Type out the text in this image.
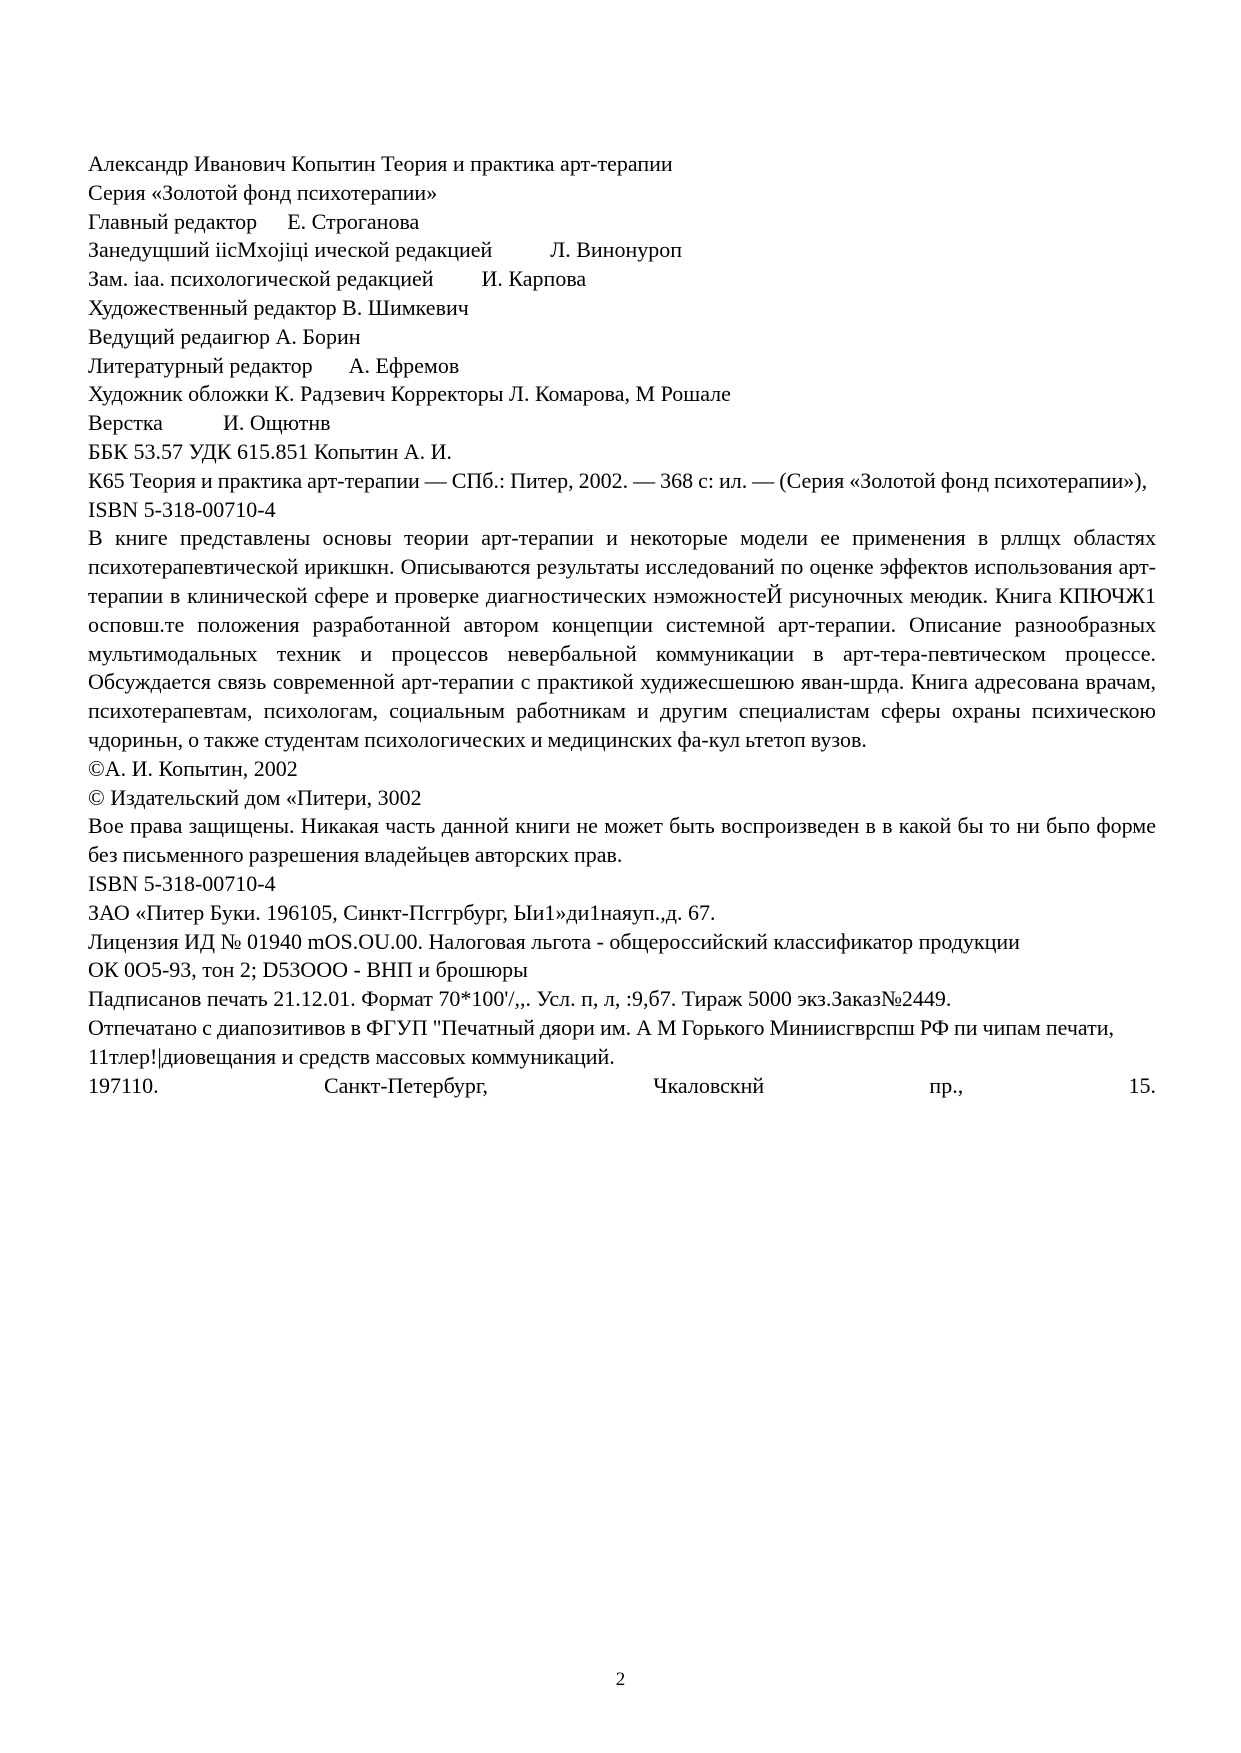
Александр Иванович Копытин Теория и практика арт-терапии
Серия «Золотой фонд психотерапии»
Главный редактор Е. Строганова
Занедущший iicMxojiці ической редакцией	Л. Винонуроп
Зам. iaa. психологической редакцией И. Карпова
Художественный редактор В. Шимкевич
Ведущий редаигюр А. Борин
Литературный редактор А. Ефремов
Художник обложки К. Радзевич Корректоры Л. Комарова, М Рошале
Верстка	И. Ощютнв
ББК 53.57 УДК 615.851 Копытин А. И.
К65 Теория и практика арт-терапии — СПб.: Питер, 2002. — 368 с: ил. — (Серия «Золотой фонд психотерапии»),
ISBN 5-318-00710-4
В книге представлены основы теории арт-терапии и некоторые модели ее применения в рллщх областях психотерапевтической ирикшкн. Описываются результаты исследований по оценке эффектов использования арт-терапии в клинической сфере и проверке диагностических нэможностеЙ рисуночных меюдик. Книга КПЮЧЖ1 осповш.те положения разработанной автором концепции системной арт-терапии. Описание разнообразных мультимодальных техник и процессов невербальной коммуникации в арт-тера-певтическом процессе. Обсуждается связь современной арт-терапии с практикой худижесшешюю яван-шрда. Книга адресована врачам, психотерапевтам, психологам, социальным работникам и другим специалистам сферы охраны психическою чдориньн, о также студентам психологических и медицинских фа-кул ьтетоп вузов.
©А. И. Копытин, 2002
© Издательский дом «Питери, 3002
Вое права защищены. Никакая часть данной книги не может быть воспроизведен в в какой бы то ни бьпо форме без письменного разрешения владейьцев авторских прав.
ISBN 5-318-00710-4
ЗАО «Питер Буки. 196105, Синкт-Псггрбург, Ыи1»ди1наяуп.,д. 67.
Лицензия ИД № 01940 mOS.OU.00. Налоговая льгота - общероссийский классификатор продукции
ОК 0О5-93, тон 2; D53ООО - ВНП и брошюры
Падписанов печать 21.12.01. Формат 70*100'/,,. Усл. п, л, :9,б7. Тираж 5000 экз.Заказ№2449.
Отпечатано с диапозитивов в ФГУП "Печатный дяори им. А М Горького Миниисгврспш РФ пи чипам печати,
11тлер!|диовещания и средств массовых коммуникаций.
197110.	Санкт-Петербург,	Чкаловскнй	пр.,	15.
2
